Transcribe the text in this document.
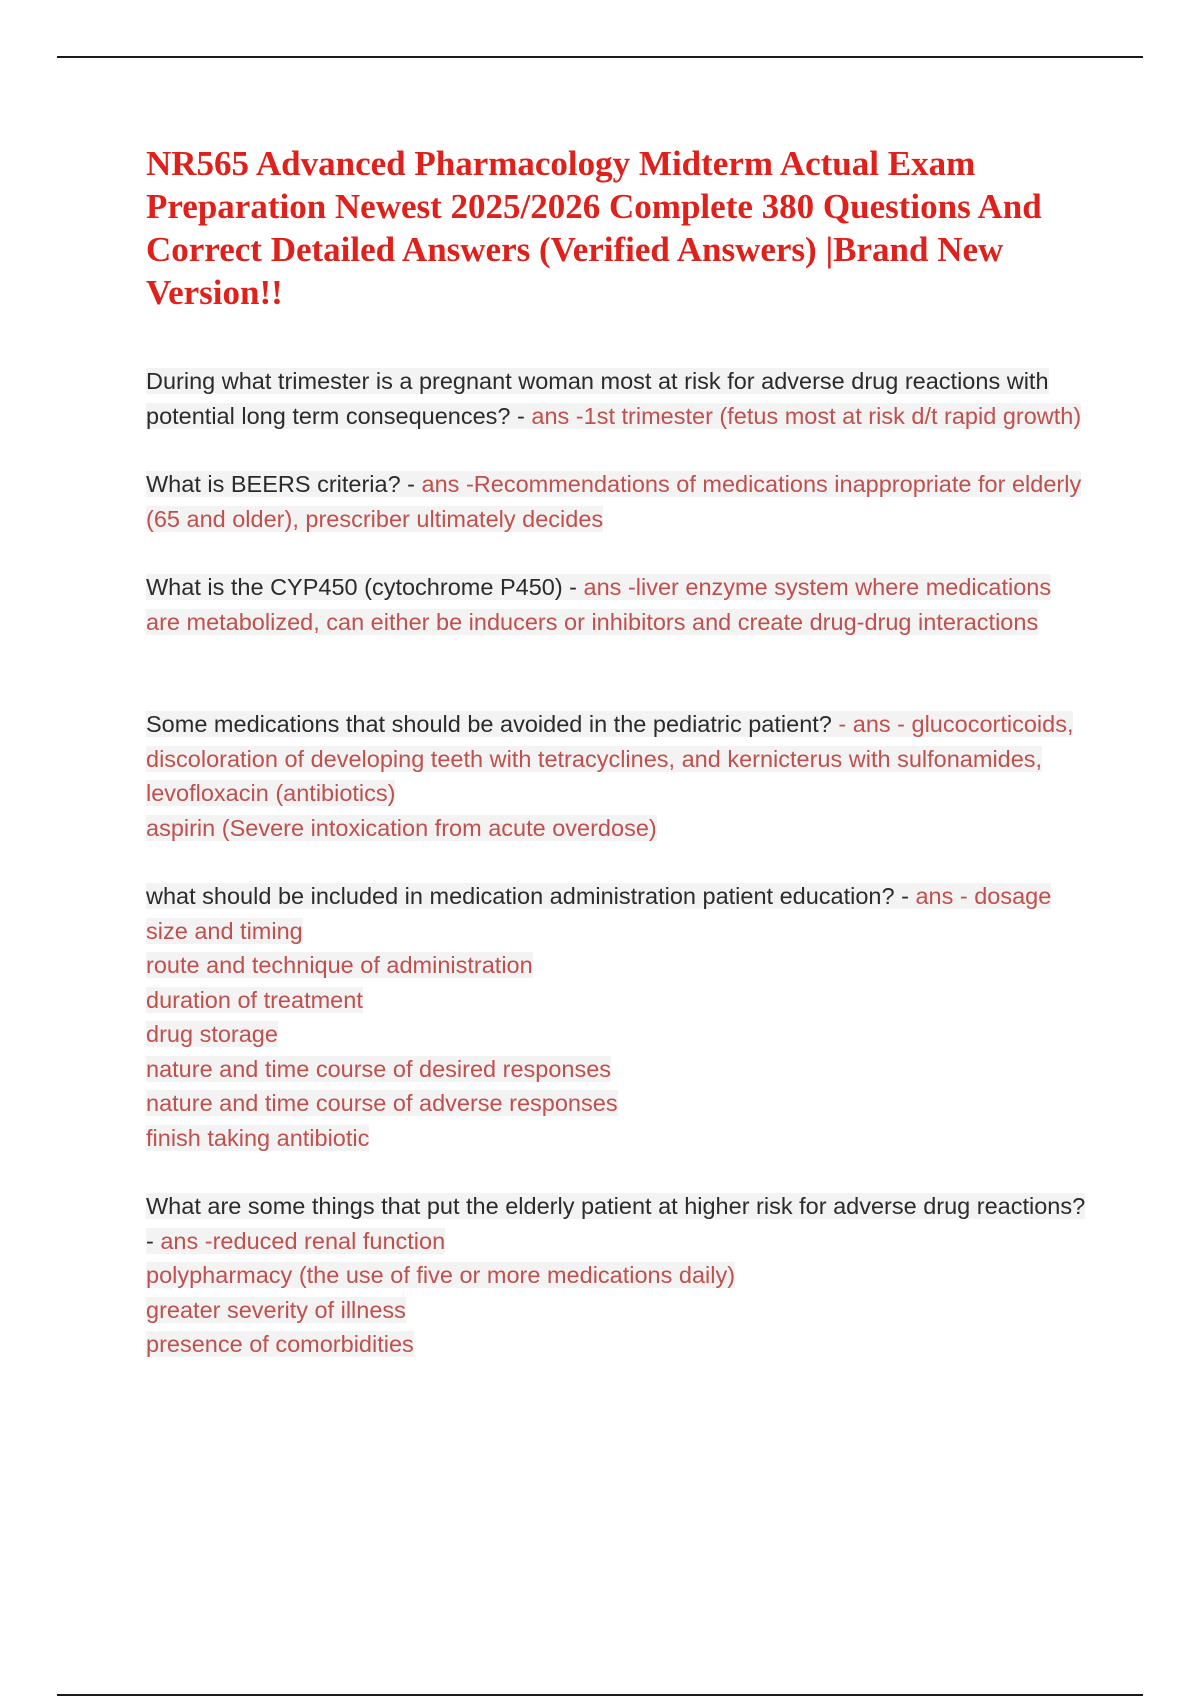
NR565 Advanced Pharmacology Midterm Actual Exam Preparation Newest 2025/2026 Complete 380 Questions And Correct Detailed Answers (Verified Answers) |Brand New Version!!

During what trimester is a pregnant woman most at risk for adverse drug reactions with potential long term consequences? - ans -1st trimester (fetus most at risk d/t rapid growth)

What is BEERS criteria? - ans -Recommendations of medications inappropriate for elderly (65 and older), prescriber ultimately decides

What is the CYP450 (cytochrome P450) - ans -liver enzyme system where medications are metabolized, can either be inducers or inhibitors and create drug-drug interactions

Some medications that should be avoided in the pediatric patient? - ans - glucocorticoids, discoloration of developing teeth with tetracyclines, and kernicterus with sulfonamides, levofloxacin (antibiotics)
aspirin (Severe intoxication from acute overdose)

what should be included in medication administration patient education? - ans - dosage size and timing
route and technique of administration
duration of treatment
drug storage
nature and time course of desired responses
nature and time course of adverse responses
finish taking antibiotic

What are some things that put the elderly patient at higher risk for adverse drug reactions? - ans -reduced renal function
polypharmacy (the use of five or more medications daily)
greater severity of illness
presence of comorbidities
